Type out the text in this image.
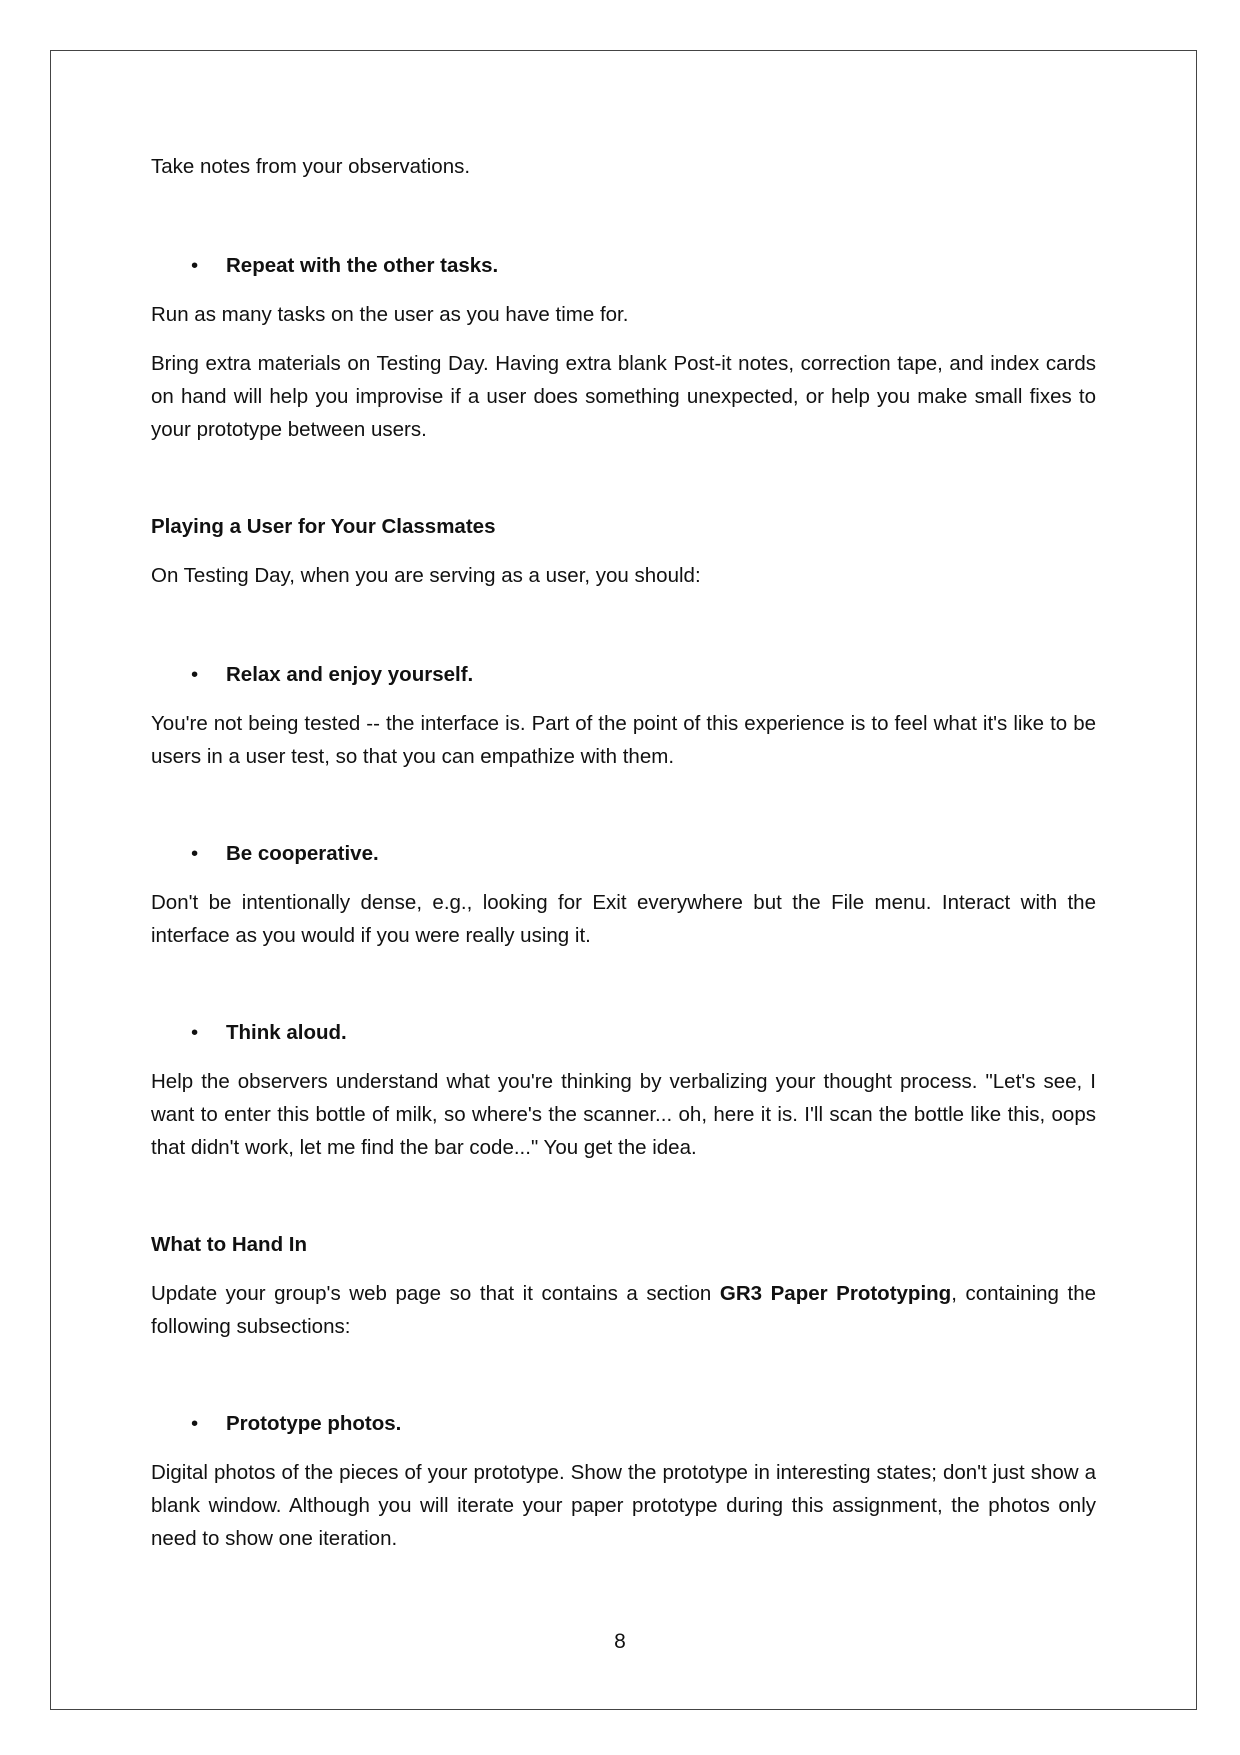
Take notes from your observations.

• Repeat with the other tasks.

Run as many tasks on the user as you have time for.

Bring extra materials on Testing Day. Having extra blank Post-it notes, correction tape, and index cards on hand will help you improvise if a user does something unexpected, or help you make small fixes to your prototype between users.

Playing a User for Your Classmates

On Testing Day, when you are serving as a user, you should:

• Relax and enjoy yourself.

You're not being tested -- the interface is. Part of the point of this experience is to feel what it's like to be users in a user test, so that you can empathize with them.

• Be cooperative.

Don't be intentionally dense, e.g., looking for Exit everywhere but the File menu. Interact with the interface as you would if you were really using it.

• Think aloud.

Help the observers understand what you're thinking by verbalizing your thought process. "Let's see, I want to enter this bottle of milk, so where's the scanner... oh, here it is. I'll scan the bottle like this, oops that didn't work, let me find the bar code..." You get the idea.

What to Hand In

Update your group's web page so that it contains a section GR3 Paper Prototyping, containing the following subsections:

• Prototype photos.

Digital photos of the pieces of your prototype. Show the prototype in interesting states; don't just show a blank window. Although you will iterate your paper prototype during this assignment, the photos only need to show one iteration.

8
